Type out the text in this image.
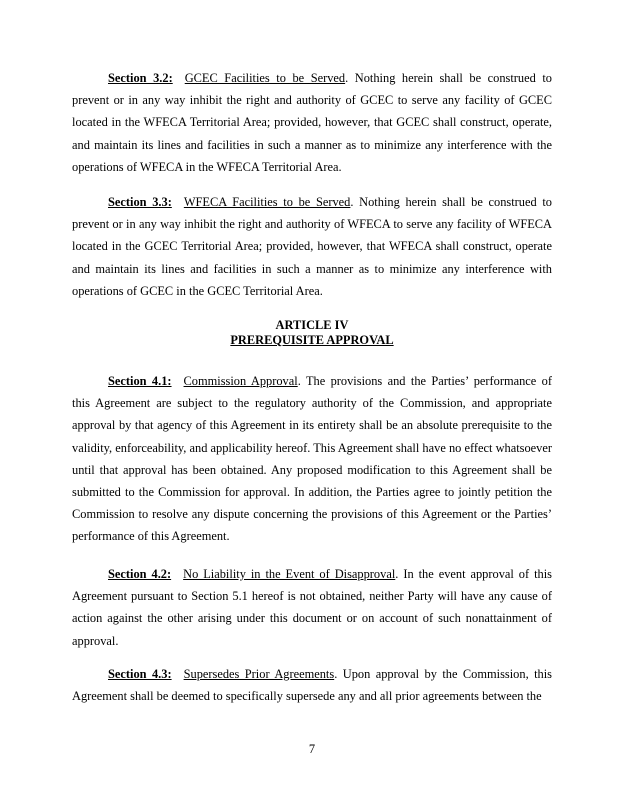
Section 3.2: GCEC Facilities to be Served. Nothing herein shall be construed to prevent or in any way inhibit the right and authority of GCEC to serve any facility of GCEC located in the WFECA Territorial Area; provided, however, that GCEC shall construct, operate, and maintain its lines and facilities in such a manner as to minimize any interference with the operations of WFECA in the WFECA Territorial Area.

Section 3.3: WFECA Facilities to be Served. Nothing herein shall be construed to prevent or in any way inhibit the right and authority of WFECA to serve any facility of WFECA located in the GCEC Territorial Area; provided, however, that WFECA shall construct, operate and maintain its lines and facilities in such a manner as to minimize any interference with operations of GCEC in the GCEC Territorial Area.

ARTICLE IV
PREREQUISITE APPROVAL

Section 4.1: Commission Approval. The provisions and the Parties’ performance of this Agreement are subject to the regulatory authority of the Commission, and appropriate approval by that agency of this Agreement in its entirety shall be an absolute prerequisite to the validity, enforceability, and applicability hereof. This Agreement shall have no effect whatsoever until that approval has been obtained. Any proposed modification to this Agreement shall be submitted to the Commission for approval. In addition, the Parties agree to jointly petition the Commission to resolve any dispute concerning the provisions of this Agreement or the Parties’ performance of this Agreement.

Section 4.2: No Liability in the Event of Disapproval. In the event approval of this Agreement pursuant to Section 5.1 hereof is not obtained, neither Party will have any cause of action against the other arising under this document or on account of such nonattainment of approval.

Section 4.3: Supersedes Prior Agreements. Upon approval by the Commission, this Agreement shall be deemed to specifically supersede any and all prior agreements between the

7
